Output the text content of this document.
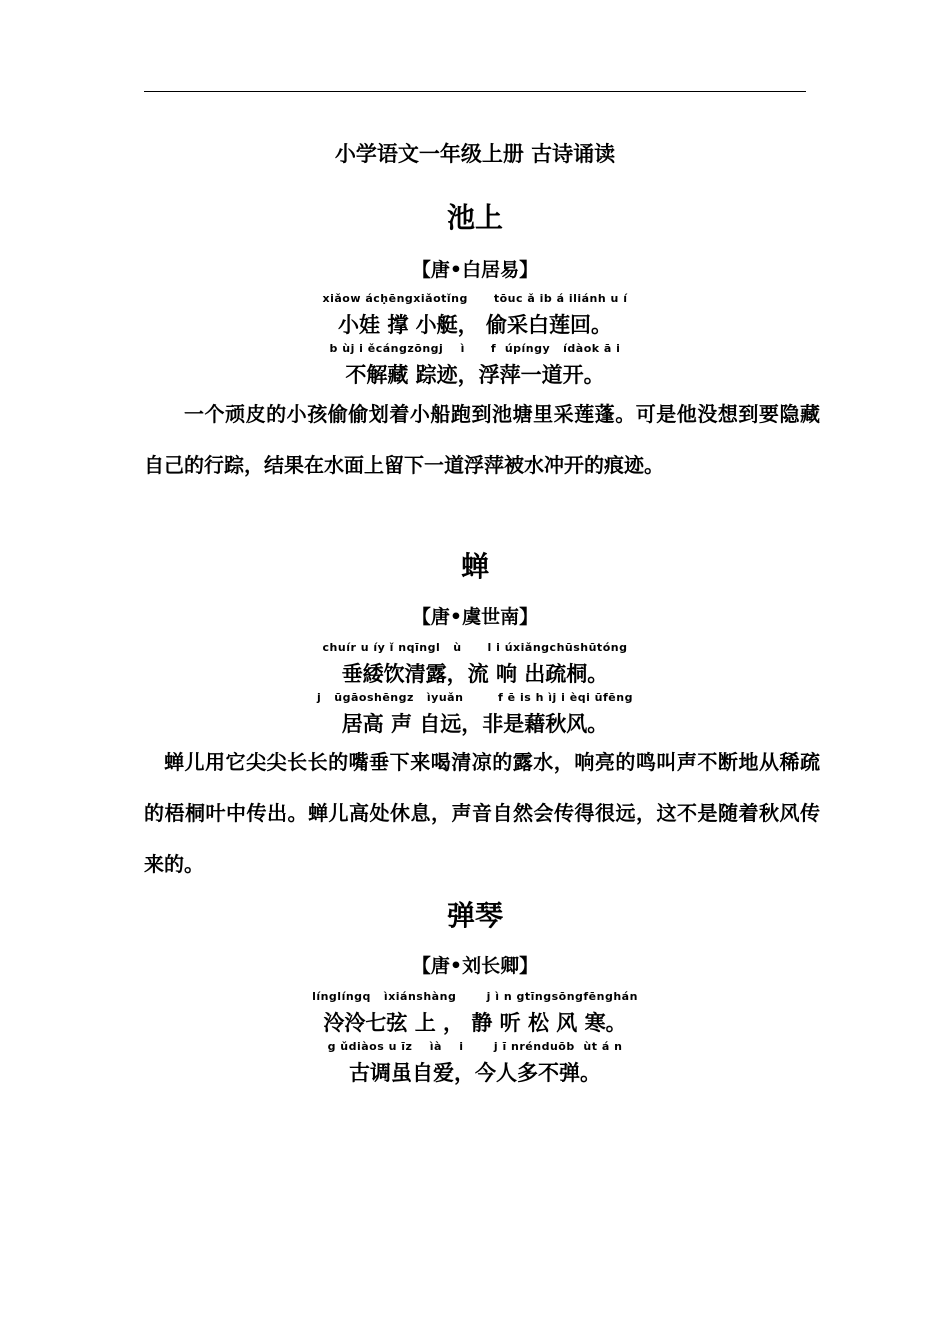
小学语文一年级上册 古诗诵读
池上
【唐•白居易】
xiǎow ácḥēngxiǎotǐng      tōuc ǎ ib á iliánh u í
小娃 撑 小艇， 偷采白莲回。
b ùj i ěcángzōngj    ì      f  úpíngy   ídàok ā i
不解藏 踪迹，浮萍一道开。
一个顽皮的小孩偷偷划着小船跑到池塘里采莲蓬。可是他没想到要隐藏自己的行踪，结果在水面上留下一道浮萍被水冲开的痕迹。
蝉
【唐•虞世南】
chuír u íy ǐ nqīngl   ù      l i úxiǎngchūshūtóng
垂緌饮清露，流 响 出疏桐。
j   ūgāoshēngz   ìyuǎn        f ē is h ìj i èqi ūfēng
居高 声 自远，非是藉秋风。
蝉儿用它尖尖长长的嘴垂下来喝清凉的露水，响亮的鸣叫声不断地从稀疏的梧桐叶中传出。蝉儿高处休息，声音自然会传得很远，这不是随着秋风传来的。
弹琴
【唐•刘长卿】
línglíngq   ìxiánshàng       j ì n gtīngsōngfēnghán
泠泠七弦 上 ， 静 听 松 风 寒。
g ǔdiàos u īz    ìà    i       j ī nrénduōb  ùt á n
古调虽自爱，今人多不弹。
